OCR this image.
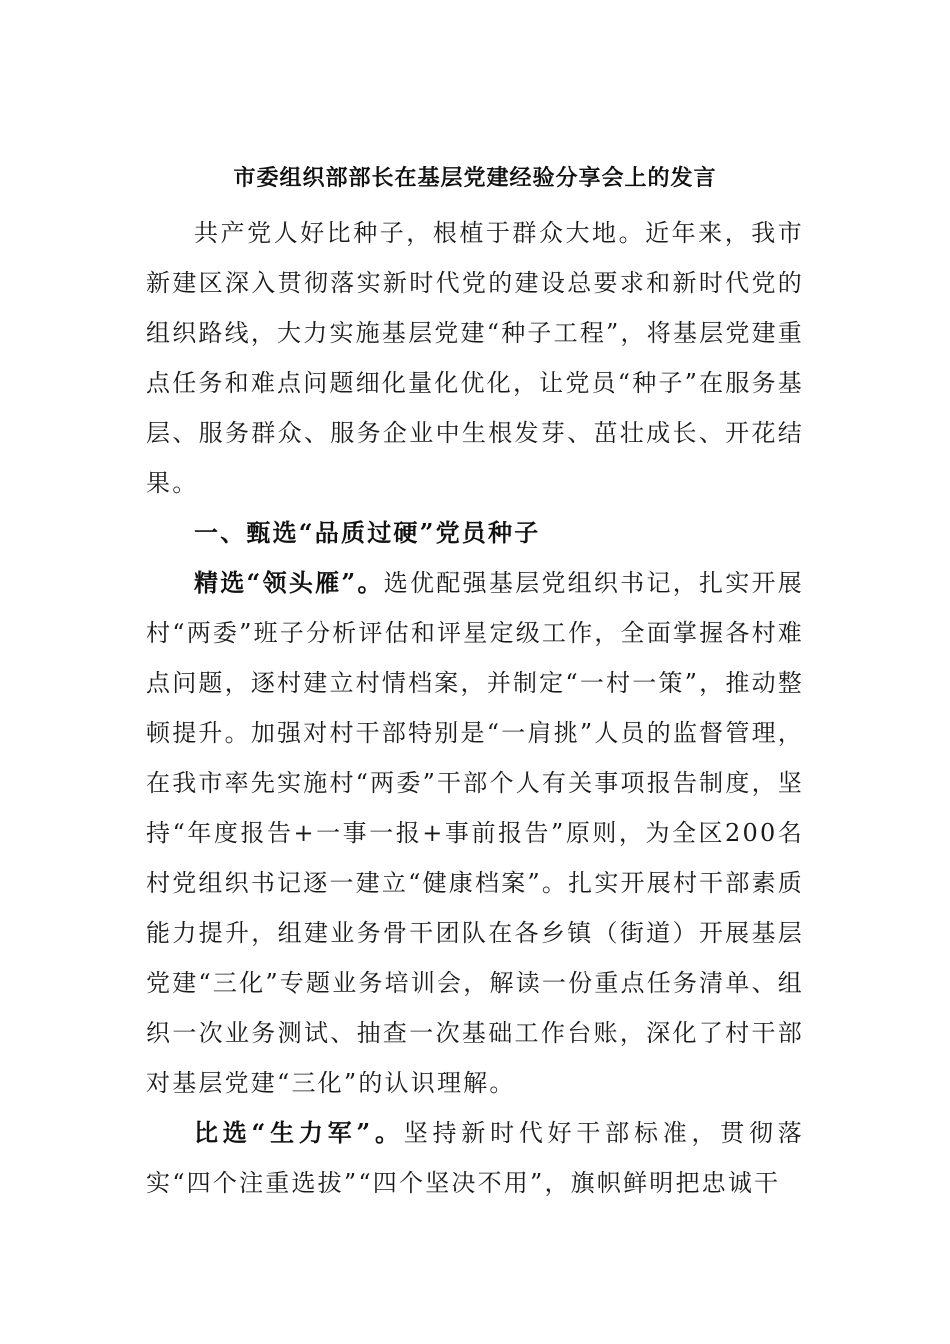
市委组织部部长在基层党建经验分享会上的发言

共产党人好比种子，根植于群众大地。近年来，我市新建区深入贯彻落实新时代党的建设总要求和新时代党的组织路线，大力实施基层党建“种子工程”，将基层党建重点任务和难点问题细化量化优化，让党员“种子”在服务基层、服务群众、服务企业中生根发芽、茁壮成长、开花结果。

一、甄选“品质过硬”党员种子

精选“领头雁”。选优配强基层党组织书记，扎实开展村“两委”班子分析评估和评星定级工作，全面掌握各村难点问题，逐村建立村情档案，并制定“一村一策”，推动整顿提升。加强对村干部特别是“一肩挑”人员的监督管理，在我市率先实施村“两委”干部个人有关事项报告制度，坚持“年度报告+一事一报+事前报告”原则，为全区200名村党组织书记逐一建立“健康档案”。扎实开展村干部素质能力提升，组建业务骨干团队在各乡镇（街道）开展基层党建“三化”专题业务培训会，解读一份重点任务清单、组织一次业务测试、抽查一次基础工作台账，深化了村干部对基层党建“三化”的认识理解。

比选“生力军”。坚持新时代好干部标准，贯彻落实“四个注重选拔”“四个坚决不用”，旗帜鲜明把忠诚干
